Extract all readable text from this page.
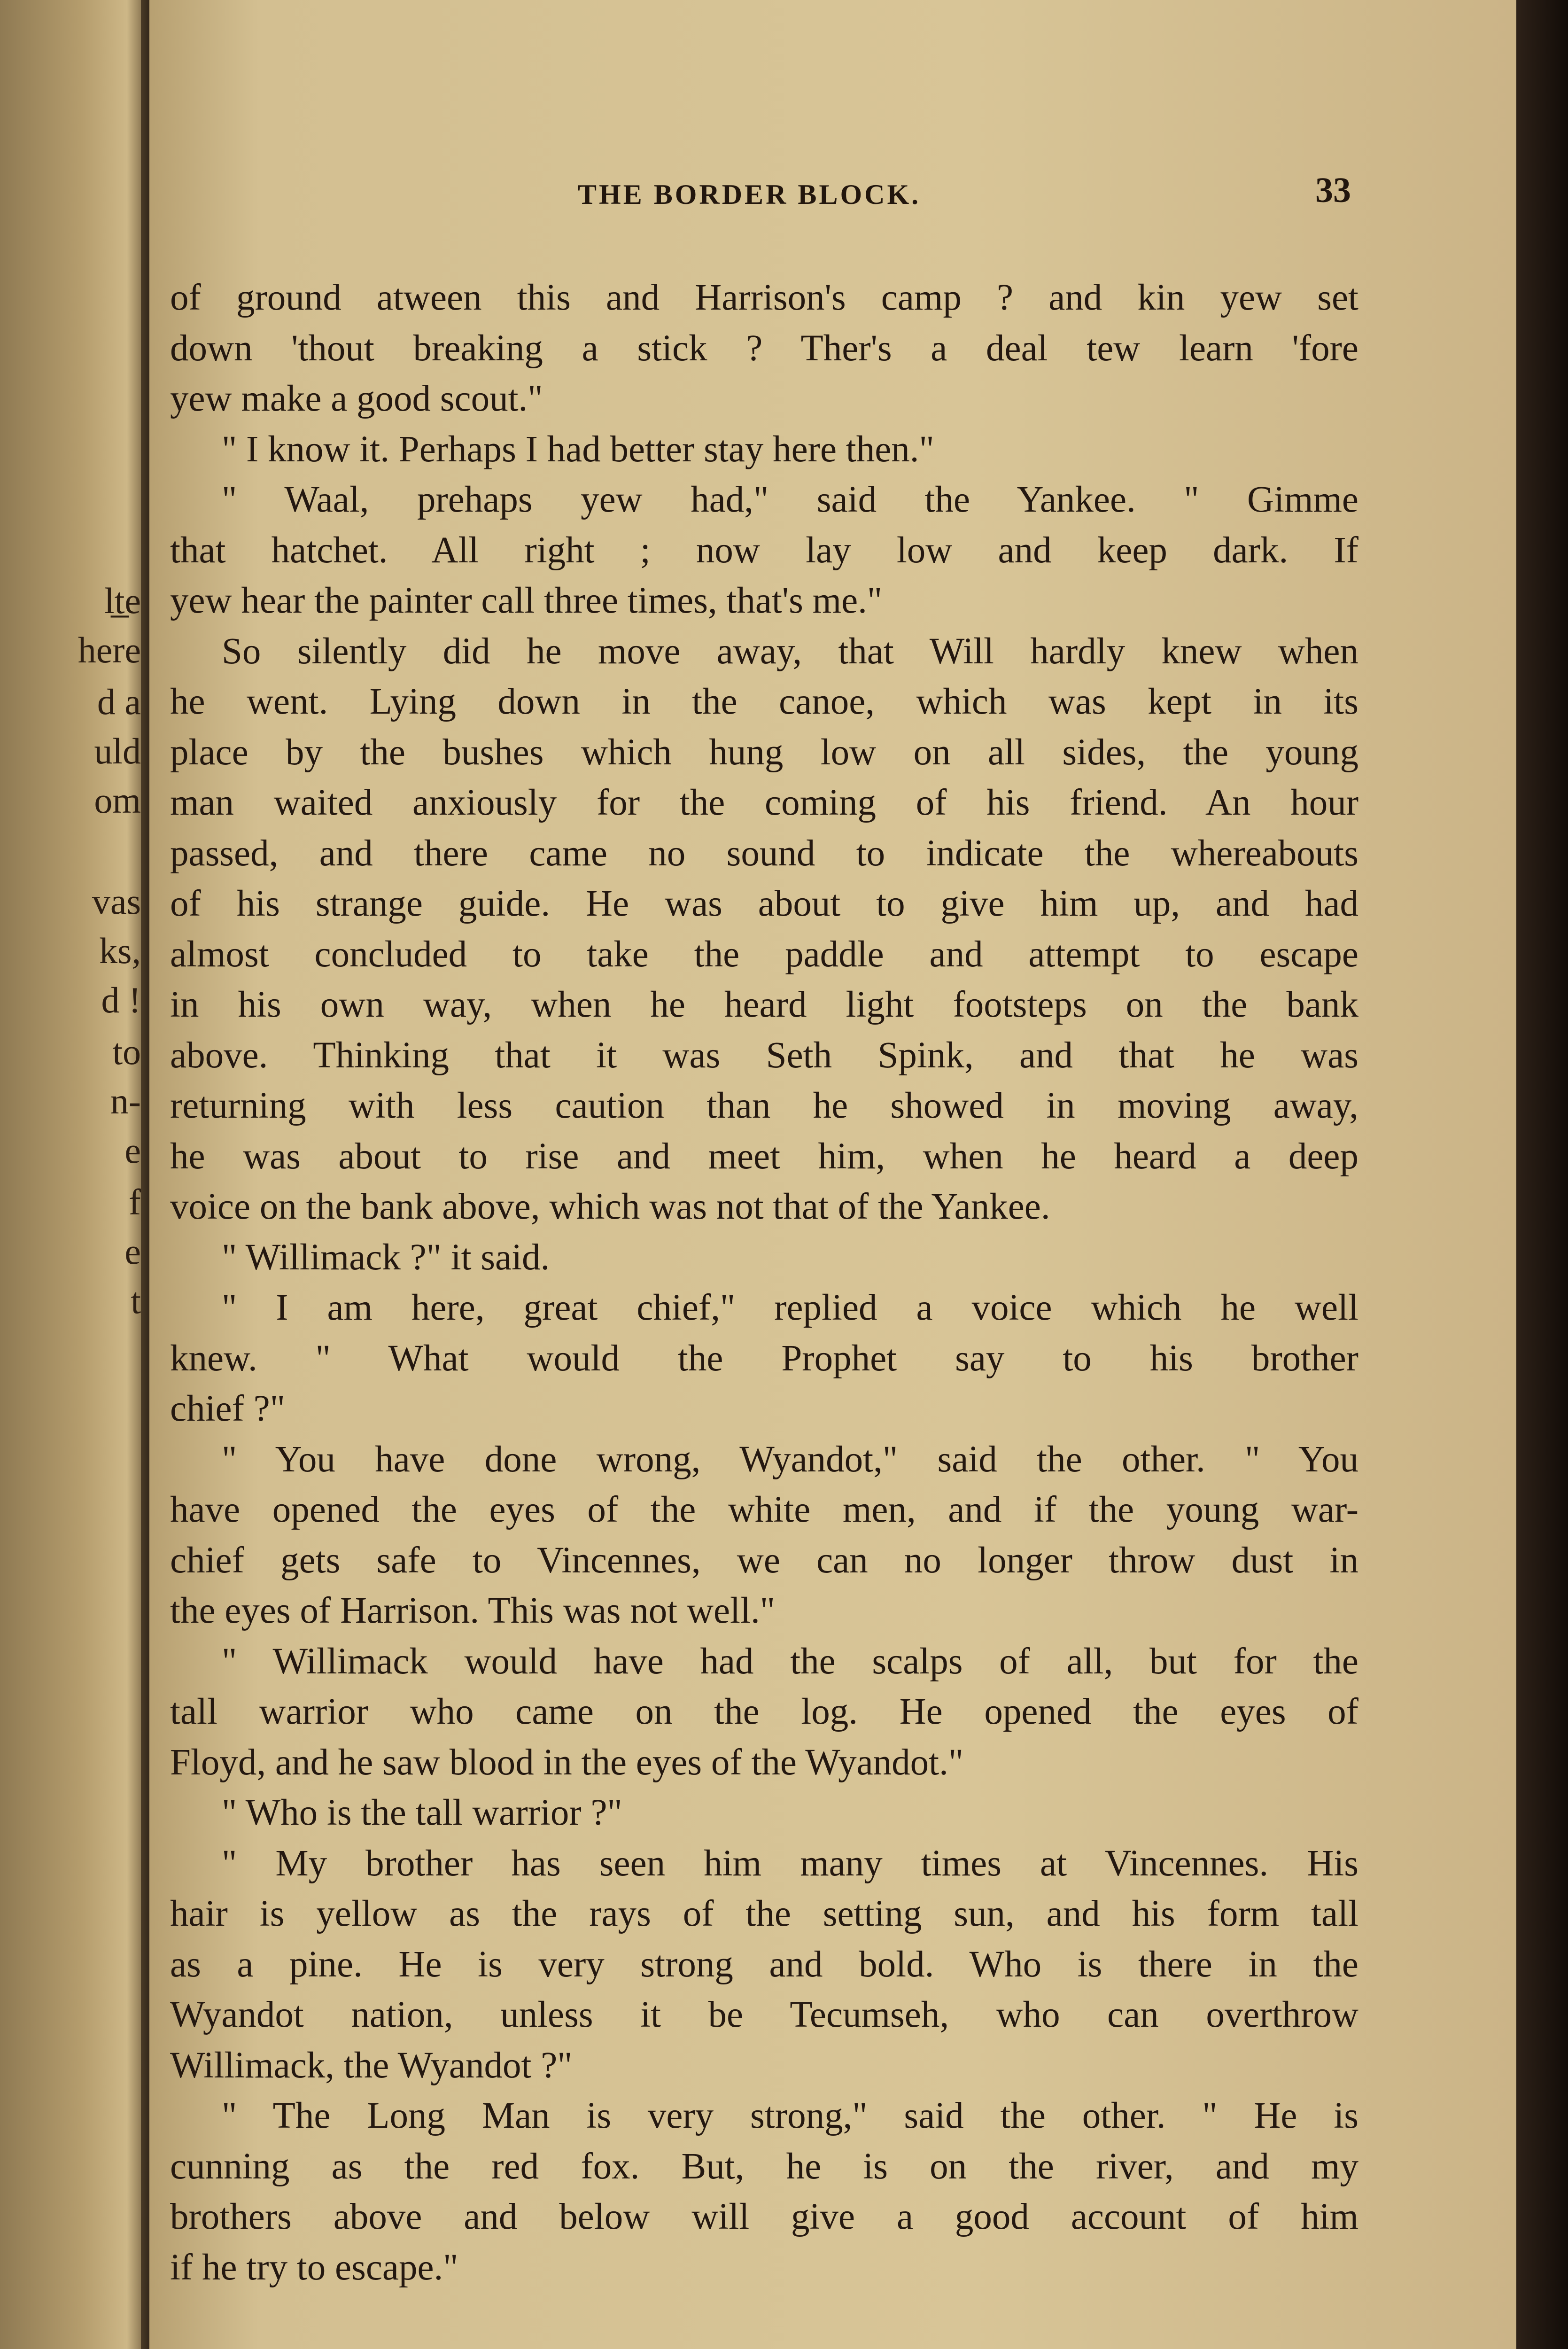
lt̲e

here

d a

uld

om

vas

ks,

d !

to

n-

e

f

e

t

THE BORDER BLOCK.	33

of ground atween this and Harrison's camp ? and kin yew set
down 'thout breaking a stick ? Ther's a deal tew learn 'fore
yew make a good scout."
" I know it. Perhaps I had better stay here then."
" Waal, prehaps yew had," said the Yankee. " Gimme
that hatchet. All right ; now lay low and keep dark. If
yew hear the painter call three times, that's me."
So silently did he move away, that Will hardly knew when
he went. Lying down in the canoe, which was kept in its
place by the bushes which hung low on all sides, the young
man waited anxiously for the coming of his friend. An hour
passed, and there came no sound to indicate the whereabouts
of his strange guide. He was about to give him up, and had
almost concluded to take the paddle and attempt to escape
in his own way, when he heard light footsteps on the bank
above. Thinking that it was Seth Spink, and that he was
returning with less caution than he showed in moving away,
he was about to rise and meet him, when he heard a deep
voice on the bank above, which was not that of the Yankee.
" Willimack ?" it said.
" I am here, great chief," replied a voice which he well
knew. " What would the Prophet say to his brother
chief ?"
" You have done wrong, Wyandot," said the other. " You
have opened the eyes of the white men, and if the young war-
chief gets safe to Vincennes, we can no longer throw dust in
the eyes of Harrison. This was not well."
" Willimack would have had the scalps of all, but for the
tall warrior who came on the log. He opened the eyes of
Floyd, and he saw blood in the eyes of the Wyandot."
" Who is the tall warrior ?"
" My brother has seen him many times at Vincennes. His
hair is yellow as the rays of the setting sun, and his form tall
as a pine. He is very strong and bold. Who is there in the
Wyandot nation, unless it be Tecumseh, who can overthrow
Willimack, the Wyandot ?"
" The Long Man is very strong," said the other. " He is
cunning as the red fox. But, he is on the river, and my
brothers above and below will give a good account of him
if he try to escape."
